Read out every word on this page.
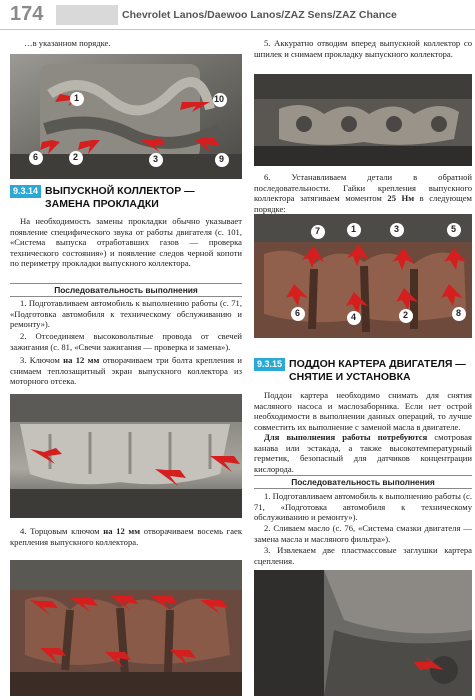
174	Chevrolet Lanos/Daewoo Lanos/ZAZ Sens/ZAZ Chance
…в указанном порядке.
1	10
6	2	3	9
9.3.14 ВЫПУСКНОЙ КОЛЛЕКТОР — ЗАМЕНА ПРОКЛАДКИ
На необходимость замены прокладки обычно указывает появление специфического звука от работы двигателя (с. 101, «Система выпуска отработавших газов — проверка технического состояния») и появление следов черной копоти по периметру прокладки выпускного коллектора.
Последовательность выполнения
1. Подготавливаем автомобиль к выполнению работы (с. 71, «Подготовка автомобиля к техническому обслуживанию и ремонту»).
2. Отсоединяем высоковольтные провода от свечей зажигания (с. 81, «Свечи зажигания — проверка и замена»).
3. Ключом на 12 мм отворачиваем три болта крепления и снимаем теплозащитный экран выпускного коллектора из моторного отсека.
4. Торцовым ключом на 12 мм отворачиваем восемь гаек крепления выпускного коллектора.
5. Аккуратно отводим вперед выпускной коллектор со шпилек и снимаем прокладку выпускного коллектора.
6. Устанавливаем детали в обратной последовательности. Гайки крепления выпускного коллектора затягиваем моментом 25 Нм в следующем порядке:
7	1	3	5
6	4	2	8
9.3.15 ПОДДОН КАРТЕРА ДВИГАТЕЛЯ — СНЯТИЕ И УСТАНОВКА
Поддон картера необходимо снимать для снятия масляного насоса и маслозаборника. Если нет острой необходимости в выполнении данных операций, то лучше совместить их выполнение с заменой масла в двигателе.
Для выполнения работы потребуются смотровая канава или эстакада, а также высокотемпературный герметик, безопасный для датчиков концентрации кислорода.
Последовательность выполнения
1. Подготавливаем автомобиль к выполнению работы (с. 71, «Подготовка автомобиля к техническому обслуживанию и ремонту»).
2. Сливаем масло (с. 76, «Система смазки двигателя — замена масла и масляного фильтра»).
3. Извлекаем две пластмассовые заглушки картера сцепления.
